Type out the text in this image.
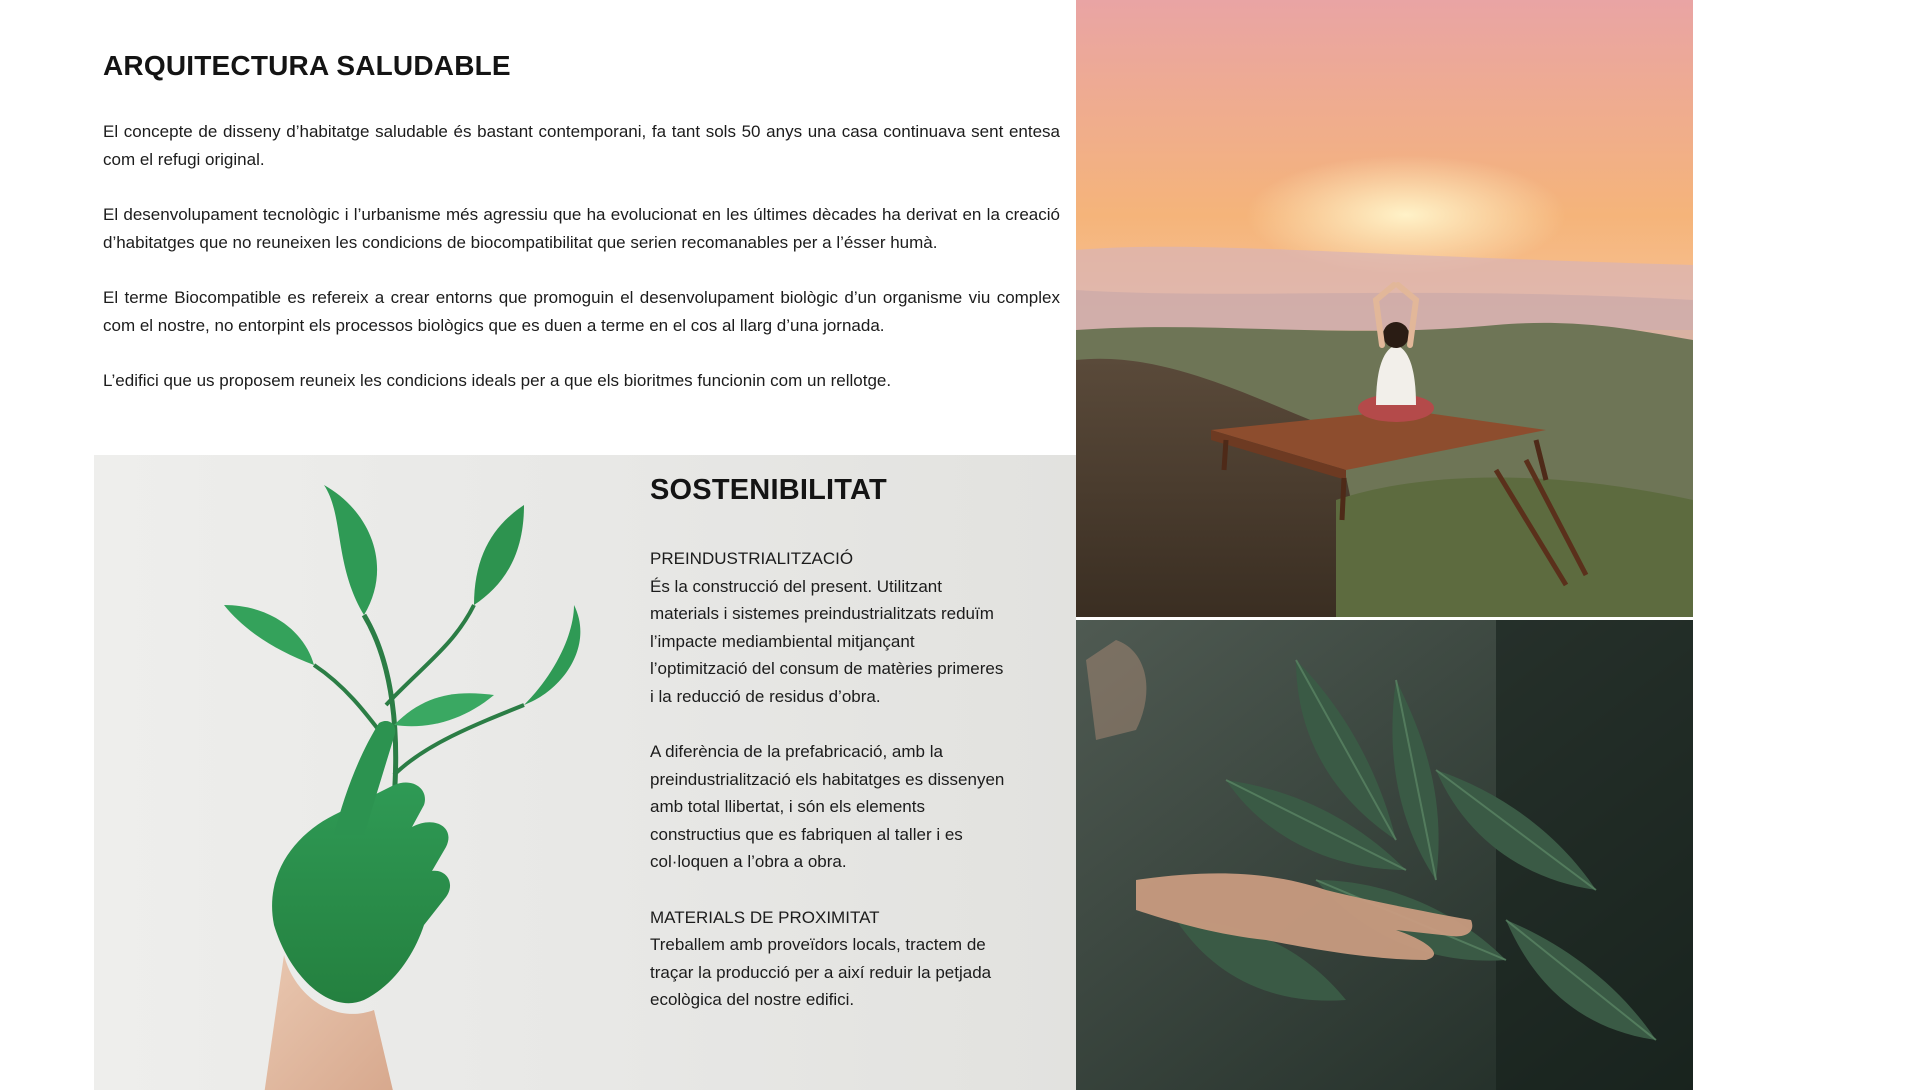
ARQUITECTURA SALUDABLE

El concepte de disseny d’habitatge saludable és bastant contemporani, fa tant sols 50 anys una casa continuava sent entesa com el refugi original.

El desenvolupament tecnològic i l’urbanisme més agressiu que ha evolucionat en les últimes dècades ha derivat en la creació d’habitatges que no reuneixen les condicions de biocompatibilitat que serien recomanables per a l’ésser humà.

El terme Biocompatible es refereix a crear entorns que promoguin el desenvolupament biològic d’un organisme viu complex com el nostre, no entorpint els processos biològics que es duen a terme en el cos al llarg d’una jornada.

L’edifici que us proposem reuneix les condicions ideals per a que els bioritmes funcionin com un rellotge.

SOSTENIBILITAT

PREINDUSTRIALITZACIÓ
És la construcció del present. Utilitzant materials i sistemes preindustrialitzats reduïm l’impacte mediambiental mitjançant l’optimització del consum de matèries primeres i la reducció de residus d’obra.

A diferència de la prefabricació, amb la preindustrialització els habitatges es dissenyen amb total llibertat, i són els elements constructius que es fabriquen al taller i es col·loquen a l’obra a obra.

MATERIALS DE PROXIMITAT
Treballem amb proveïdors locals, tractem de traçar la producció per a així reduir la petjada ecològica del nostre edifici.
